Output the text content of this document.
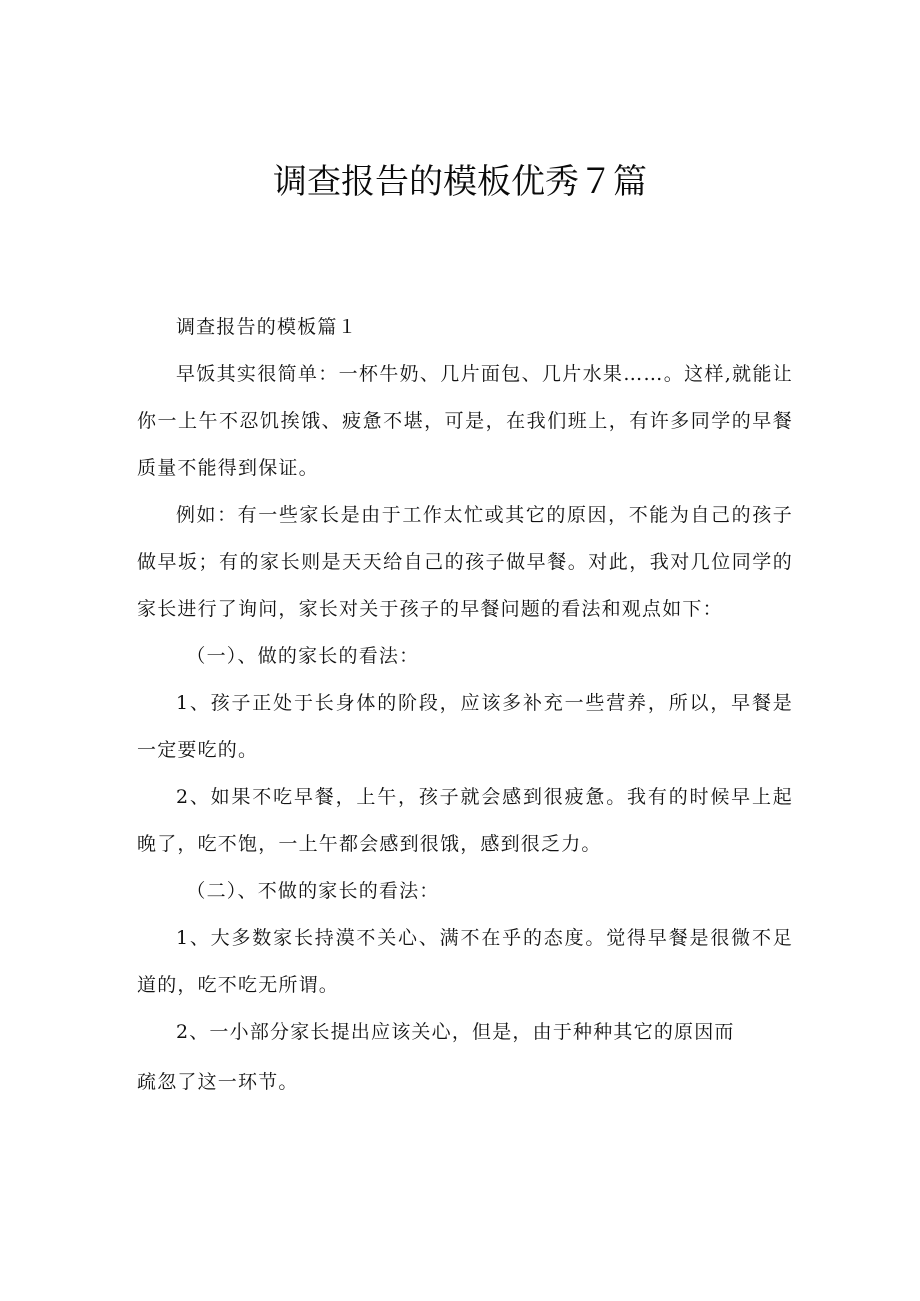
调查报告的模板优秀７篇

调查报告的模板篇１

早饭其实很简单：一杯牛奶、几片面包、几片水果……。这样,就能让你一上午不忍饥挨饿、疲惫不堪，可是，在我们班上，有许多同学的早餐质量不能得到保证。

例如：有一些家长是由于工作太忙或其它的原因，不能为自己的孩子做早坂；有的家长则是天天给自己的孩子做早餐。对此，我对几位同学的家长进行了询问，家长对关于孩子的早餐问题的看法和观点如下：

（一）、做的家长的看法：

1、孩子正处于长身体的阶段，应该多补充一些营养，所以，早餐是一定要吃的。

2、如果不吃早餐，上午，孩子就会感到很疲惫。我有的时候早上起晚了，吃不饱，一上午都会感到很饿，感到很乏力。

（二）、不做的家长的看法：

1、大多数家长持漠不关心、满不在乎的态度。觉得早餐是很微不足道的，吃不吃无所谓。

2、一小部分家长提出应该关心，但是，由于种种其它的原因而

疏忽了这一环节。
